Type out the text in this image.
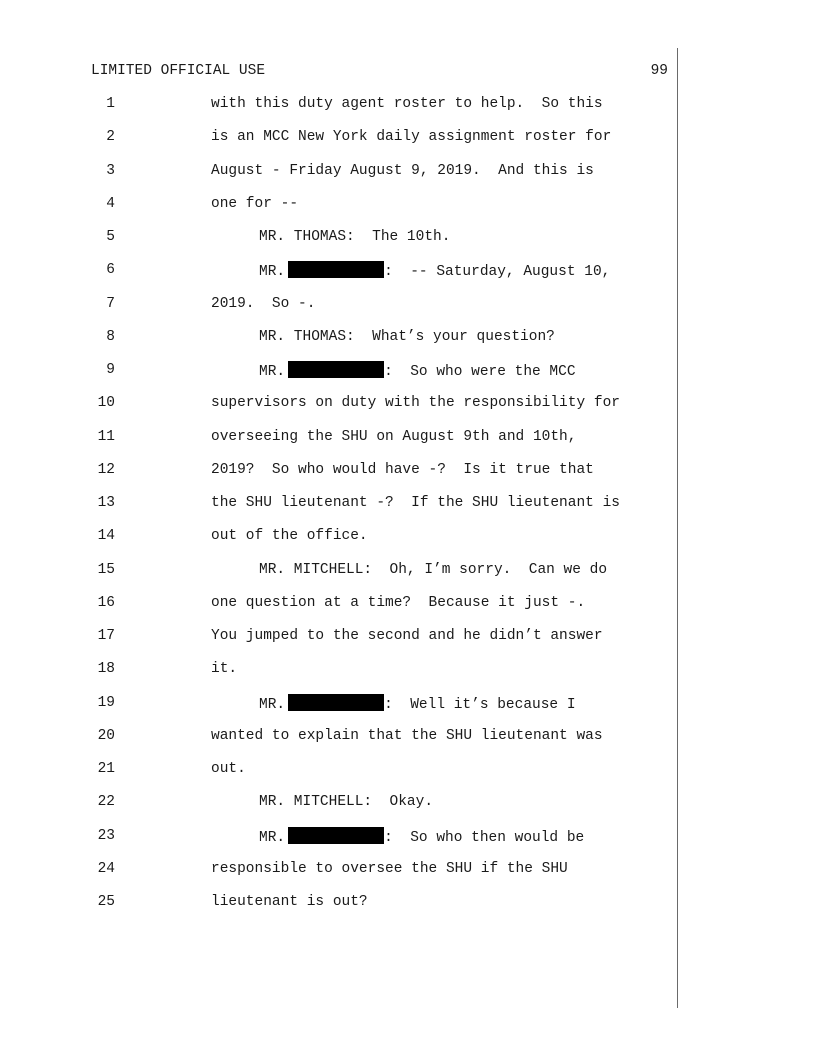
LIMITED OFFICIAL USE	99
1	with this duty agent roster to help.  So this
2	is an MCC New York daily assignment roster for
3	August - Friday August 9, 2019.  And this is
4	one for --
5	MR. THOMAS:  The 10th.
6	MR.	:  -- Saturday, August 10,
7	2019.  So -.
8	MR. THOMAS:  What’s your question?
9	MR.	:  So who were the MCC
10	supervisors on duty with the responsibility for
11	overseeing the SHU on August 9th and 10th,
12	2019?  So who would have -?  Is it true that
13	the SHU lieutenant -?  If the SHU lieutenant is
14	out of the office.
15	MR. MITCHELL:  Oh, I’m sorry.  Can we do
16	one question at a time?  Because it just -.
17	You jumped to the second and he didn’t answer
18	it.
19	MR.	:  Well it’s because I
20	wanted to explain that the SHU lieutenant was
21	out.
22	MR. MITCHELL:  Okay.
23	MR.	:  So who then would be
24	responsible to oversee the SHU if the SHU
25	lieutenant is out?
